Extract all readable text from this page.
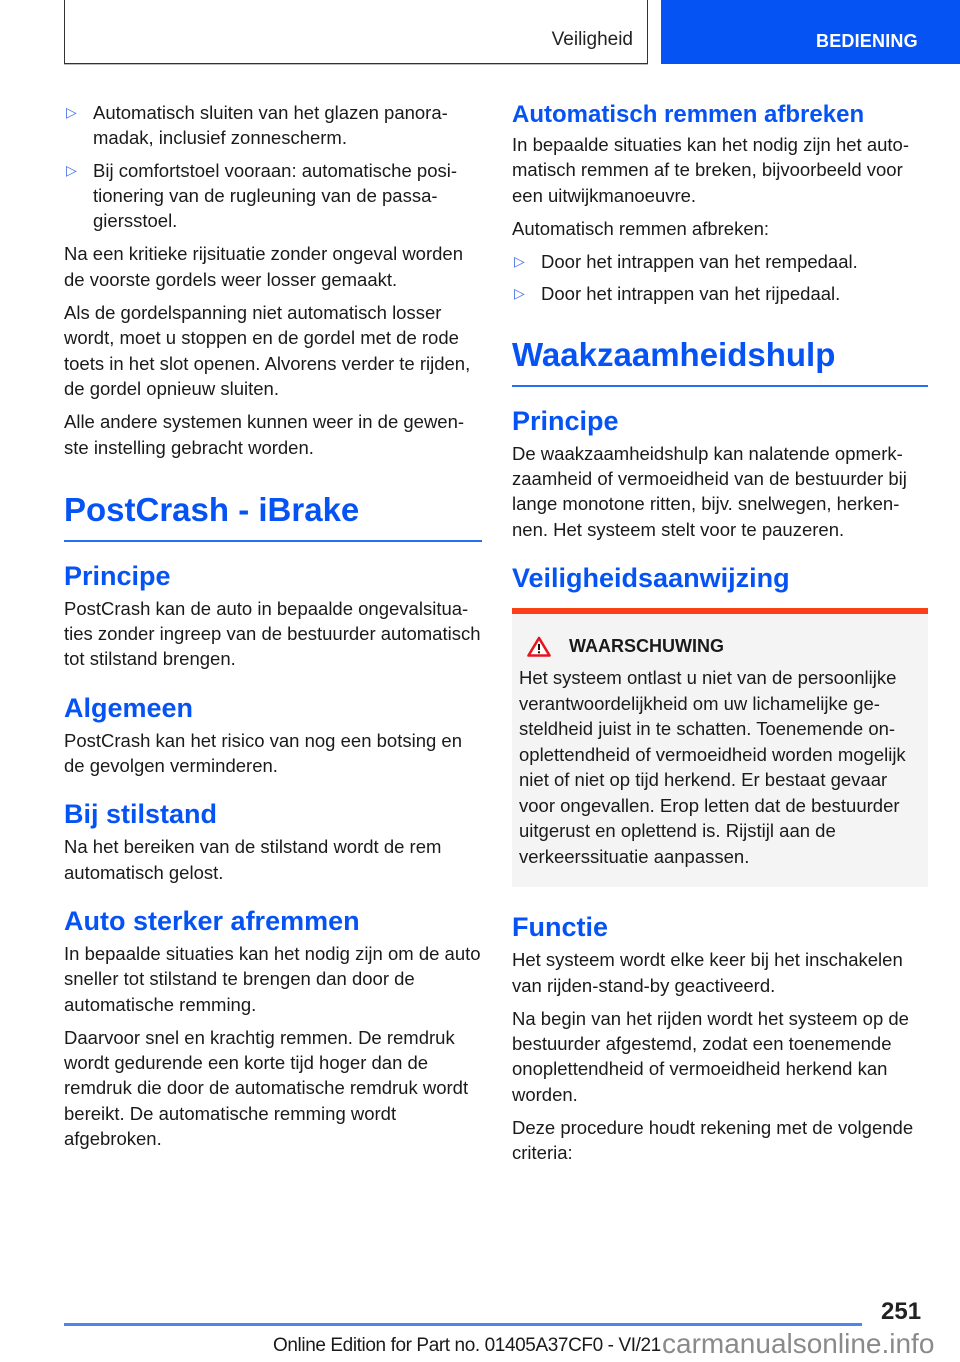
Veiligheid	BEDIENING
▷ Automatisch sluiten van het glazen panoramadak, inclusief zonnescherm.
▷ Bij comfortstoel vooraan: automatische positionering van de rugleuning van de passagiersstoel.

Na een kritieke rijsituatie zonder ongeval worden de voorste gordels weer losser gemaakt.

Als de gordelspanning niet automatisch losser wordt, moet u stoppen en de gordel met de rode toets in het slot openen. Alvorens verder te rijden, de gordel opnieuw sluiten.

Alle andere systemen kunnen weer in de gewenste instelling gebracht worden.

PostCrash - iBrake
Principe

PostCrash kan de auto in bepaalde ongevalsituaties zonder ingreep van de bestuurder automatisch tot stilstand brengen.

Algemeen

PostCrash kan het risico van nog een botsing en de gevolgen verminderen.

Bij stilstand

Na het bereiken van de stilstand wordt de rem automatisch gelost.

Auto sterker afremmen

In bepaalde situaties kan het nodig zijn om de auto sneller tot stilstand te brengen dan door de automatische remming.

Daarvoor snel en krachtig remmen. De remdruk wordt gedurende een korte tijd hoger dan de remdruk die door de automatische remdruk wordt bereikt. De automatische remming wordt afgebroken.

Automatisch remmen afbreken

In bepaalde situaties kan het nodig zijn het automatisch remmen af te breken, bijvoorbeeld voor een uitwijkmanoeuvre.

Automatisch remmen afbreken:

▷ Door het intrappen van het rempedaal.
▷ Door het intrappen van het rijpedaal.
Waakzaamheidshulp
Principe

De waakzaamheidshulp kan nalatende opmerkzaamheid of vermoeidheid van de bestuurder bij lange monotone ritten, bijv. snelwegen, herkennen. Het systeem stelt voor te pauzeren.

Veiligheidsaanwijzing
WAARSCHUWING

Het systeem ontlast u niet van de persoonlijke verantwoordelijkheid om uw lichamelijke gesteldheid juist in te schatten. Toenemende onoplettendheid of vermoeidheid worden mogelijk niet of niet op tijd herkend. Er bestaat gevaar voor ongevallen. Erop letten dat de bestuurder uitgerust en oplettend is. Rijstijl aan de verkeerssituatie aanpassen.

Functie

Het systeem wordt elke keer bij het inschakelen van rijden-stand-by geactiveerd.

Na begin van het rijden wordt het systeem op de bestuurder afgestemd, zodat een toenemende onoplettendheid of vermoeidheid herkend kan worden.

Deze procedure houdt rekening met de volgende criteria:

251
Online Edition for Part no. 01405A37CF0 - VI/21 carmanualsonline.info
